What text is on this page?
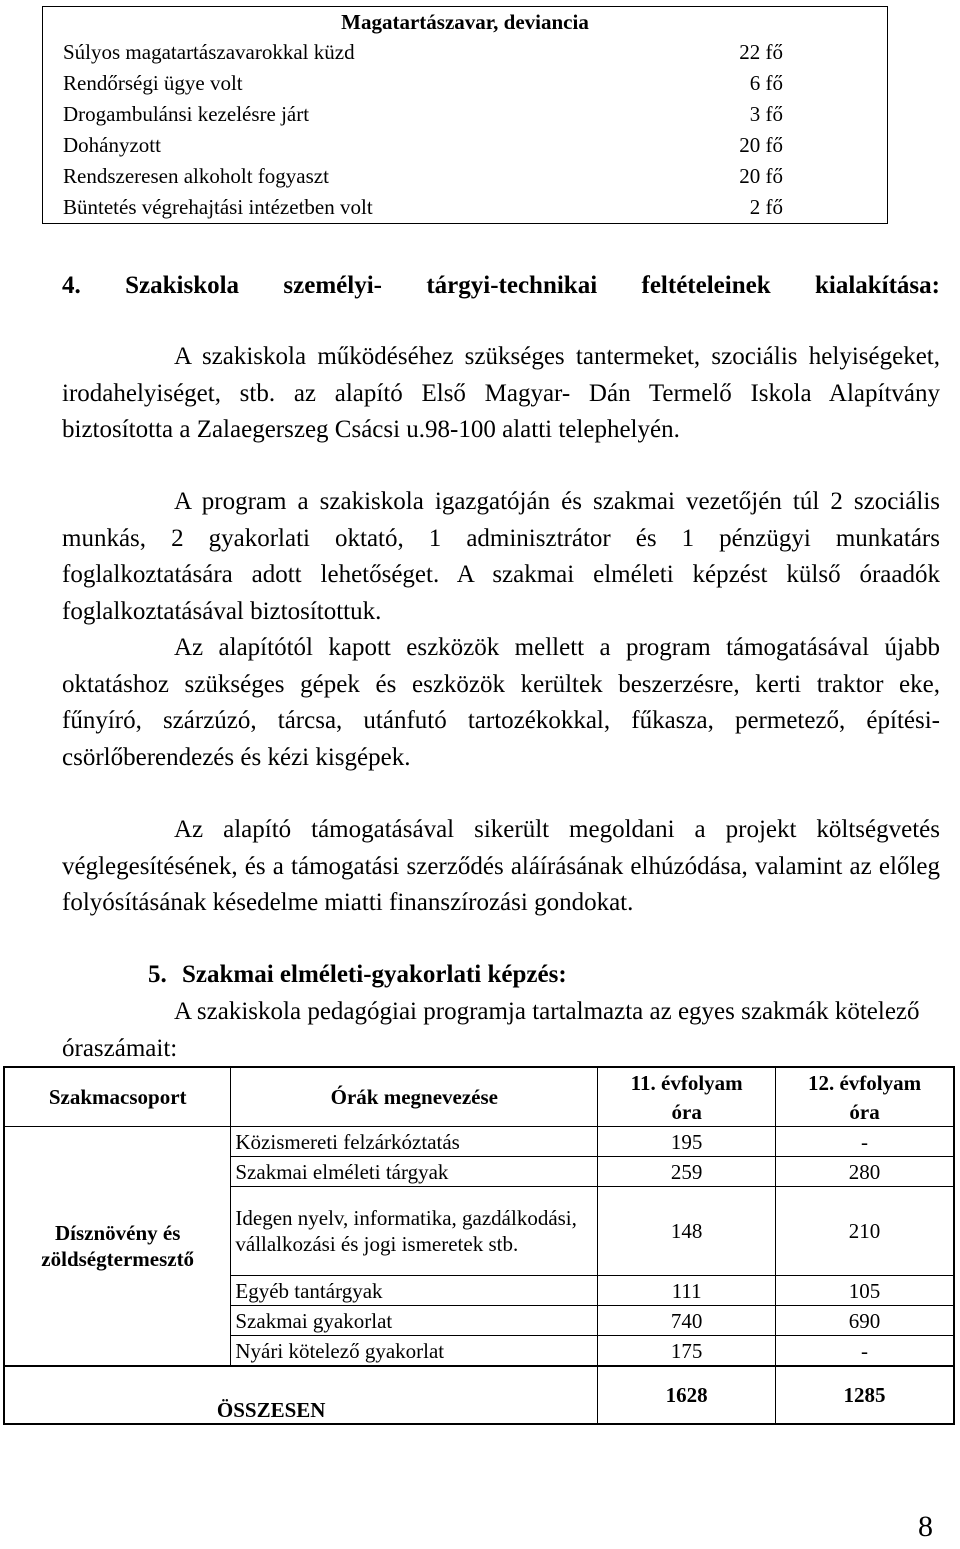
Magatartászavar, deviancia	
Súlyos magatartászavarokkal küzd	22 fő
Rendőrségi ügye volt	6 fő
Drogambulánsi kezelésre járt	3 fő
Dohányzott	20 fő
Rendszeresen alkoholt fogyaszt	20 fő
Büntetés végrehajtási intézetben volt	2 fő
4. Szakiskola személyi- tárgyi-technikai feltételeinek kialakítása:
A szakiskola működéséhez szükséges tantermeket, szociális helyiségeket, irodahelyiséget, stb. az alapító Első Magyar- Dán Termelő Iskola Alapítvány biztosította a Zalaegerszeg Csácsi u.98-100 alatti telephelyén.
A program a szakiskola igazgatóján és szakmai vezetőjén túl 2 szociális munkás, 2 gyakorlati oktató, 1 adminisztrátor és 1 pénzügyi munkatárs foglalkoztatására adott lehetőséget. A szakmai elméleti képzést külső óraadók foglalkoztatásával biztosítottuk.
Az alapítótól kapott eszközök mellett a program támogatásával újabb oktatáshoz szükséges gépek és eszközök kerültek beszerzésre, kerti traktor eke, fűnyíró, szárzúzó, tárcsa, utánfutó tartozékokkal, fűkasza, permetező, építési-csörlőberendezés és kézi kisgépek.
Az alapító támogatásával sikerült megoldani a projekt költségvetés véglegesítésének, és a támogatási szerződés aláírásának elhúzódása, valamint az előleg folyósításának késedelme miatti finanszírozási gondokat.
5. Szakmai elméleti-gyakorlati képzés:
A szakiskola pedagógiai programja tartalmazta az egyes szakmák kötelező óraszámait:
Szakmacsoport	Órák megnevezése	11. évfolyam	12. évfolyam
		óra	óra
Dísznövény és zöldségtermesztő	Közismereti felzárkóztatás	195	-
	Szakmai elméleti tárgyak	259	280
	Idegen nyelv, informatika, gazdálkodási, vállalkozási és jogi ismeretek stb.	148	210
	Egyéb tantárgyak	111	105
	Szakmai gyakorlat	740	690
	Nyári kötelező gyakorlat	175	-
	ÖSSZESEN	1628	1285
8
